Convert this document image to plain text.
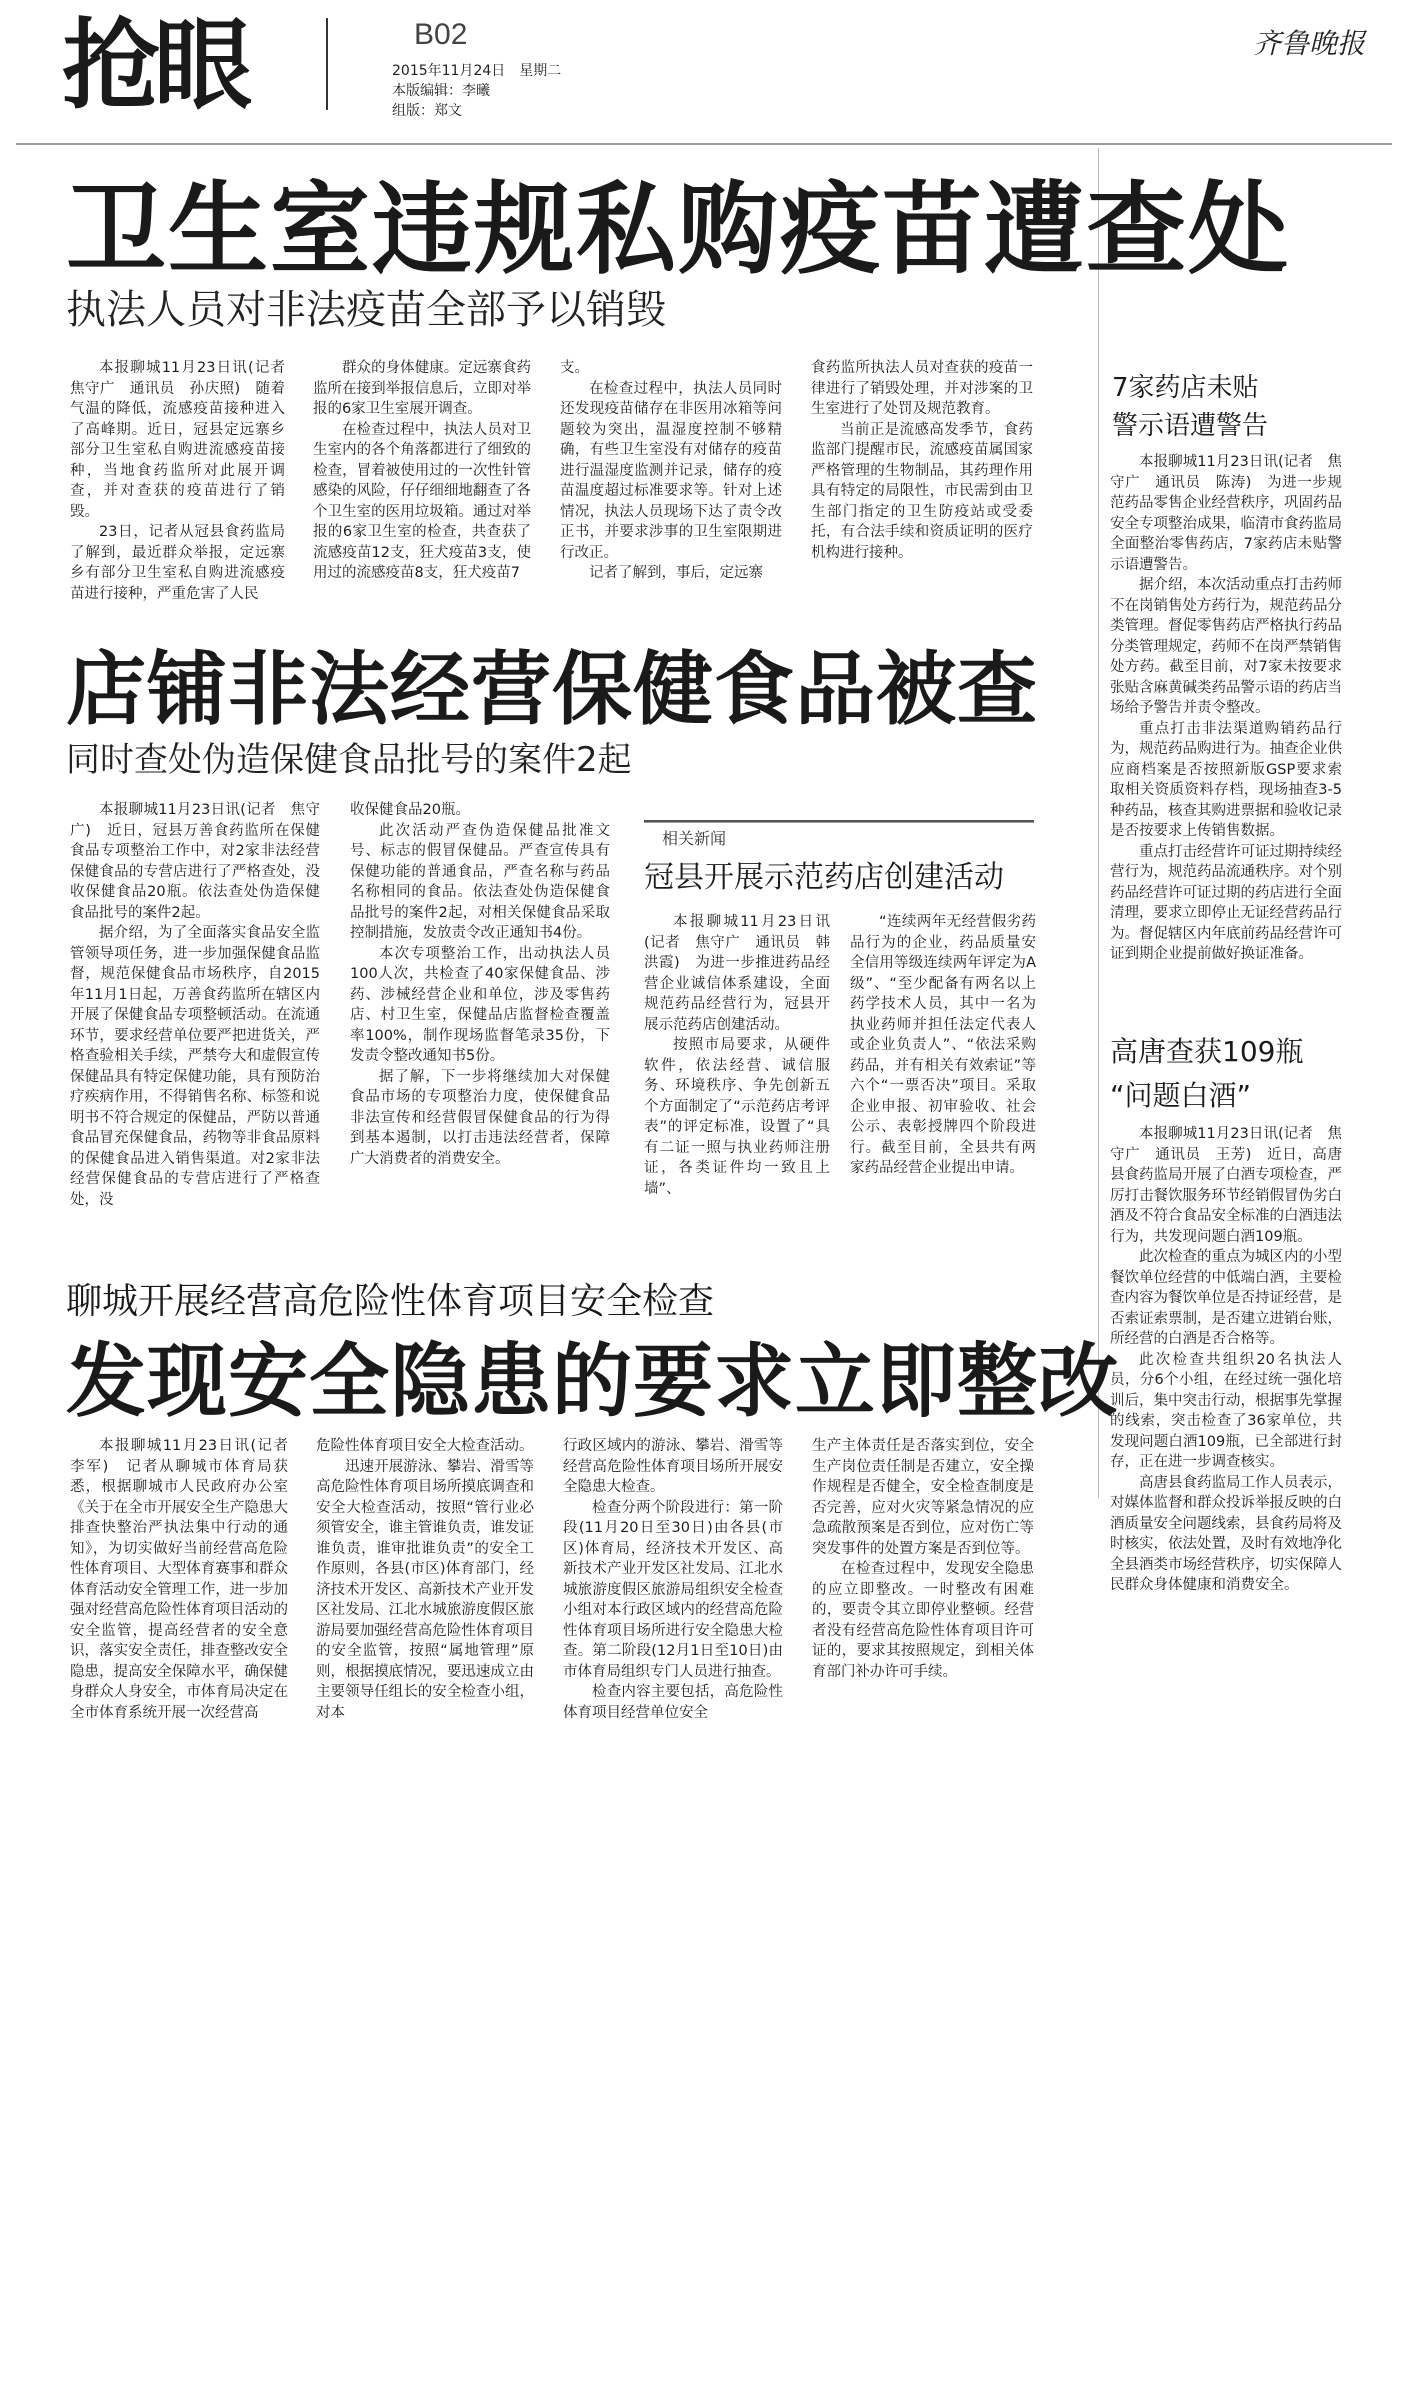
抢眼	B02
2015年11月24日　星期二
本版编辑：李曦
组版：郑文
齐鲁晚报
卫生室违规私购疫苗遭查处
执法人员对非法疫苗全部予以销毁

本报聊城11月23日讯(记者　焦守广　通讯员　孙庆照)　随着气温的降低，流感疫苗接种进入了高峰期。近日，冠县定远寨乡部分卫生室私自购进流感疫苗接种，当地食药监所对此展开调查，并对查获的疫苗进行了销毁。

23日，记者从冠县食药监局了解到，最近群众举报，定远寨乡有部分卫生室私自购进流感疫苗进行接种，严重危害了人民

群众的身体健康。定远寨食药监所在接到举报信息后，立即对举报的6家卫生室展开调查。

在检查过程中，执法人员对卫生室内的各个角落都进行了细致的检查，冒着被使用过的一次性针管感染的风险，仔仔细细地翻查了各个卫生室的医用垃圾箱。通过对举报的6家卫生室的检查，共查获了流感疫苗12支，狂犬疫苗3支，使用过的流感疫苗8支，狂犬疫苗7

支。

在检查过程中，执法人员同时还发现疫苗储存在非医用冰箱等问题较为突出，温湿度控制不够精确，有些卫生室没有对储存的疫苗进行温湿度监测并记录，储存的疫苗温度超过标准要求等。针对上述情况，执法人员现场下达了责令改正书，并要求涉事的卫生室限期进行改正。

记者了解到，事后，定远寨

食药监所执法人员对查获的疫苗一律进行了销毁处理，并对涉案的卫生室进行了处罚及规范教育。

当前正是流感高发季节，食药监部门提醒市民，流感疫苗属国家严格管理的生物制品，其药理作用具有特定的局限性，市民需到由卫生部门指定的卫生防疫站或受委托，有合法手续和资质证明的医疗机构进行接种。

店铺非法经营保健食品被查
同时查处伪造保健食品批号的案件2起

本报聊城11月23日讯(记者　焦守广)　近日，冠县万善食药监所在保健食品专项整治工作中，对2家非法经营保健食品的专营店进行了严格查处，没收保健食品20瓶。依法查处伪造保健食品批号的案件2起。

据介绍，为了全面落实食品安全监管领导项任务，进一步加强保健食品监督，规范保健食品市场秩序，自2015年11月1日起，万善食药监所在辖区内开展了保健食品专项整顿活动。在流通环节，要求经营单位要严把进货关，严格查验相关手续，严禁夸大和虚假宣传保健品具有特定保健功能，具有预防治疗疾病作用，不得销售名称、标签和说明书不符合规定的保健品，严防以普通食品冒充保健食品，药物等非食品原料的保健食品进入销售渠道。对2家非法经营保健食品的专营店进行了严格查处，没

收保健食品20瓶。

此次活动严查伪造保健品批准文号、标志的假冒保健品。严查宣传具有保健功能的普通食品，严查名称与药品名称相同的食品。依法查处伪造保健食品批号的案件2起，对相关保健食品采取控制措施，发放责令改正通知书4份。

本次专项整治工作，出动执法人员100人次，共检查了40家保健食品、涉药、涉械经营企业和单位，涉及零售药店、村卫生室，保健品店监督检查覆盖率100%，制作现场监督笔录35份，下发责令整改通知书5份。

据了解，下一步将继续加大对保健食品市场的专项整治力度，使保健食品非法宣传和经营假冒保健食品的行为得到基本遏制，以打击违法经营者，保障广大消费者的消费安全。

相关新闻
冠县开展示范药店创建活动

本报聊城11月23日讯(记者　焦守广　通讯员　韩洪霞)　为进一步推进药品经营企业诚信体系建设，全面规范药品经营行为，冠县开展示范药店创建活动。

按照市局要求，从硬件软件，依法经营、诚信服务、环境秩序、争先创新五个方面制定了“示范药店考评表”的评定标准，设置了“具有二证一照与执业药师注册证，各类证件均一致且上墙”、

“连续两年无经营假劣药品行为的企业，药品质量安全信用等级连续两年评定为A级”、“至少配备有两名以上药学技术人员，其中一名为执业药师并担任法定代表人或企业负责人”、“依法采购药品，并有相关有效索证”等六个“一票否决”项目。采取企业申报、初审验收、社会公示、表彰授牌四个阶段进行。截至目前，全县共有两家药品经营企业提出申请。

聊城开展经营高危险性体育项目安全检查
发现安全隐患的要求立即整改

本报聊城11月23日讯(记者　李军)　记者从聊城市体育局获悉，根据聊城市人民政府办公室《关于在全市开展安全生产隐患大排查快整治严执法集中行动的通知》，为切实做好当前经营高危险性体育项目、大型体育赛事和群众体育活动安全管理工作，进一步加强对经营高危险性体育项目活动的安全监管，提高经营者的安全意识，落实安全责任，排查整改安全隐患，提高安全保障水平，确保健身群众人身安全，市体育局决定在全市体育系统开展一次经营高

危险性体育项目安全大检查活动。

迅速开展游泳、攀岩、滑雪等高危险性体育项目场所摸底调查和安全大检查活动，按照“管行业必须管安全，谁主管谁负责，谁发证谁负责，谁审批谁负责”的安全工作原则，各县(市区)体育部门，经济技术开发区、高新技术产业开发区社发局、江北水城旅游度假区旅游局要加强经营高危险性体育项目的安全监管，按照“属地管理”原则，根据摸底情况，要迅速成立由主要领导任组长的安全检查小组，对本

行政区域内的游泳、攀岩、滑雪等经营高危险性体育项目场所开展安全隐患大检查。

检查分两个阶段进行：第一阶段(11月20日至30日)由各县(市区)体育局，经济技术开发区、高新技术产业开发区社发局、江北水城旅游度假区旅游局组织安全检查小组对本行政区域内的经营高危险性体育项目场所进行安全隐患大检查。第二阶段(12月1日至10日)由市体育局组织专门人员进行抽查。

检查内容主要包括，高危险性体育项目经营单位安全

生产主体责任是否落实到位，安全生产岗位责任制是否建立，安全操作规程是否健全，安全检查制度是否完善，应对火灾等紧急情况的应急疏散预案是否到位，应对伤亡等突发事件的处置方案是否到位等。

在检查过程中，发现安全隐患的应立即整改。一时整改有困难的，要责令其立即停业整顿。经营者没有经营高危险性体育项目许可证的，要求其按照规定，到相关体育部门补办许可手续。

7家药店未贴
警示语遭警告

本报聊城11月23日讯(记者　焦守广　通讯员　陈涛)　为进一步规范药品零售企业经营秩序，巩固药品安全专项整治成果，临清市食药监局全面整治零售药店，7家药店未贴警示语遭警告。

据介绍，本次活动重点打击药师不在岗销售处方药行为，规范药品分类管理。督促零售药店严格执行药品分类管理规定，药师不在岗严禁销售处方药。截至目前，对7家未按要求张贴含麻黄碱类药品警示语的药店当场给予警告并责令整改。

重点打击非法渠道购销药品行为，规范药品购进行为。抽查企业供应商档案是否按照新版GSP要求索取相关资质资料存档，现场抽查3-5种药品，核查其购进票据和验收记录是否按要求上传销售数据。

重点打击经营许可证过期持续经营行为，规范药品流通秩序。对个别药品经营许可证过期的药店进行全面清理，要求立即停止无证经营药品行为。督促辖区内年底前药品经营许可证到期企业提前做好换证准备。

高唐查获109瓶
“问题白酒”

本报聊城11月23日讯(记者　焦守广　通讯员　王芳)　近日，高唐县食药监局开展了白酒专项检查，严厉打击餐饮服务环节经销假冒伪劣白酒及不符合食品安全标准的白酒违法行为，共发现问题白酒109瓶。

此次检查的重点为城区内的小型餐饮单位经营的中低端白酒，主要检查内容为餐饮单位是否持证经营，是否索证索票制，是否建立进销台账，所经营的白酒是否合格等。

此次检查共组织20名执法人员，分6个小组，在经过统一强化培训后，集中突击行动，根据事先掌握的线索，突击检查了36家单位，共发现问题白酒109瓶，已全部进行封存，正在进一步调查核实。

高唐县食药监局工作人员表示，对媒体监督和群众投诉举报反映的白酒质量安全问题线索，县食药局将及时核实，依法处置，及时有效地净化全县酒类市场经营秩序，切实保障人民群众身体健康和消费安全。
